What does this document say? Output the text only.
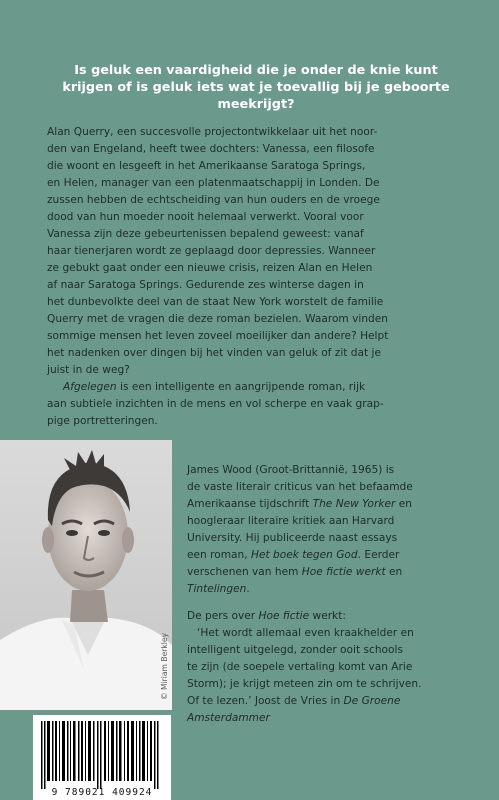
Is geluk een vaardigheid die je onder de knie kunt
krijgen of is geluk iets wat je toevallig bij je geboorte
meekrijgt?
Alan Querry, een succesvolle projectontwikkelaar uit het noor-
den van Engeland, heeft twee dochters: Vanessa, een filosofe
die woont en lesgeeft in het Amerikaanse Saratoga Springs,
en Helen, manager van een platenmaatschappij in Londen. De
zussen hebben de echtscheiding van hun ouders en de vroege
dood van hun moeder nooit helemaal verwerkt. Vooral voor
Vanessa zijn deze gebeurtenissen bepalend geweest: vanaf
haar tienerjaren wordt ze geplaagd door depressies. Wanneer
ze gebukt gaat onder een nieuwe crisis, reizen Alan en Helen
af naar Saratoga Springs. Gedurende zes winterse dagen in
het dunbevolkte deel van de staat New York worstelt de familie
Querry met de vragen die deze roman bezielen. Waarom vinden
sommige mensen het leven zoveel moeilijker dan andere? Helpt
het nadenken over dingen bij het vinden van geluk of zit dat je
juist in de weg?
Afgelegen is een intelligente en aangrijpende roman, rijk
aan subtiele inzichten in de mens en vol scherpe en vaak grap-
pige portretteringen.
© Miriam Berkley
James Wood (Groot-Brittannië, 1965) is
de vaste literair criticus van het befaamde
Amerikaanse tijdschrift The New Yorker en
hoogleraar literaire kritiek aan Harvard
University. Hij publiceerde naast essays
een roman, Het boek tegen God. Eerder
verschenen van hem Hoe fictie werkt en
Tintelingen.
De pers over Hoe fictie werkt:
‘Het wordt allemaal even kraakhelder en
intelligent uitgelegd, zonder ooit schools
te zijn (de soepele vertaling komt van Arie
Storm); je krijgt meteen zin om te schrijven.
Of te lezen.’ Joost de Vries in De Groene
Amsterdammer
9 789021 409924
